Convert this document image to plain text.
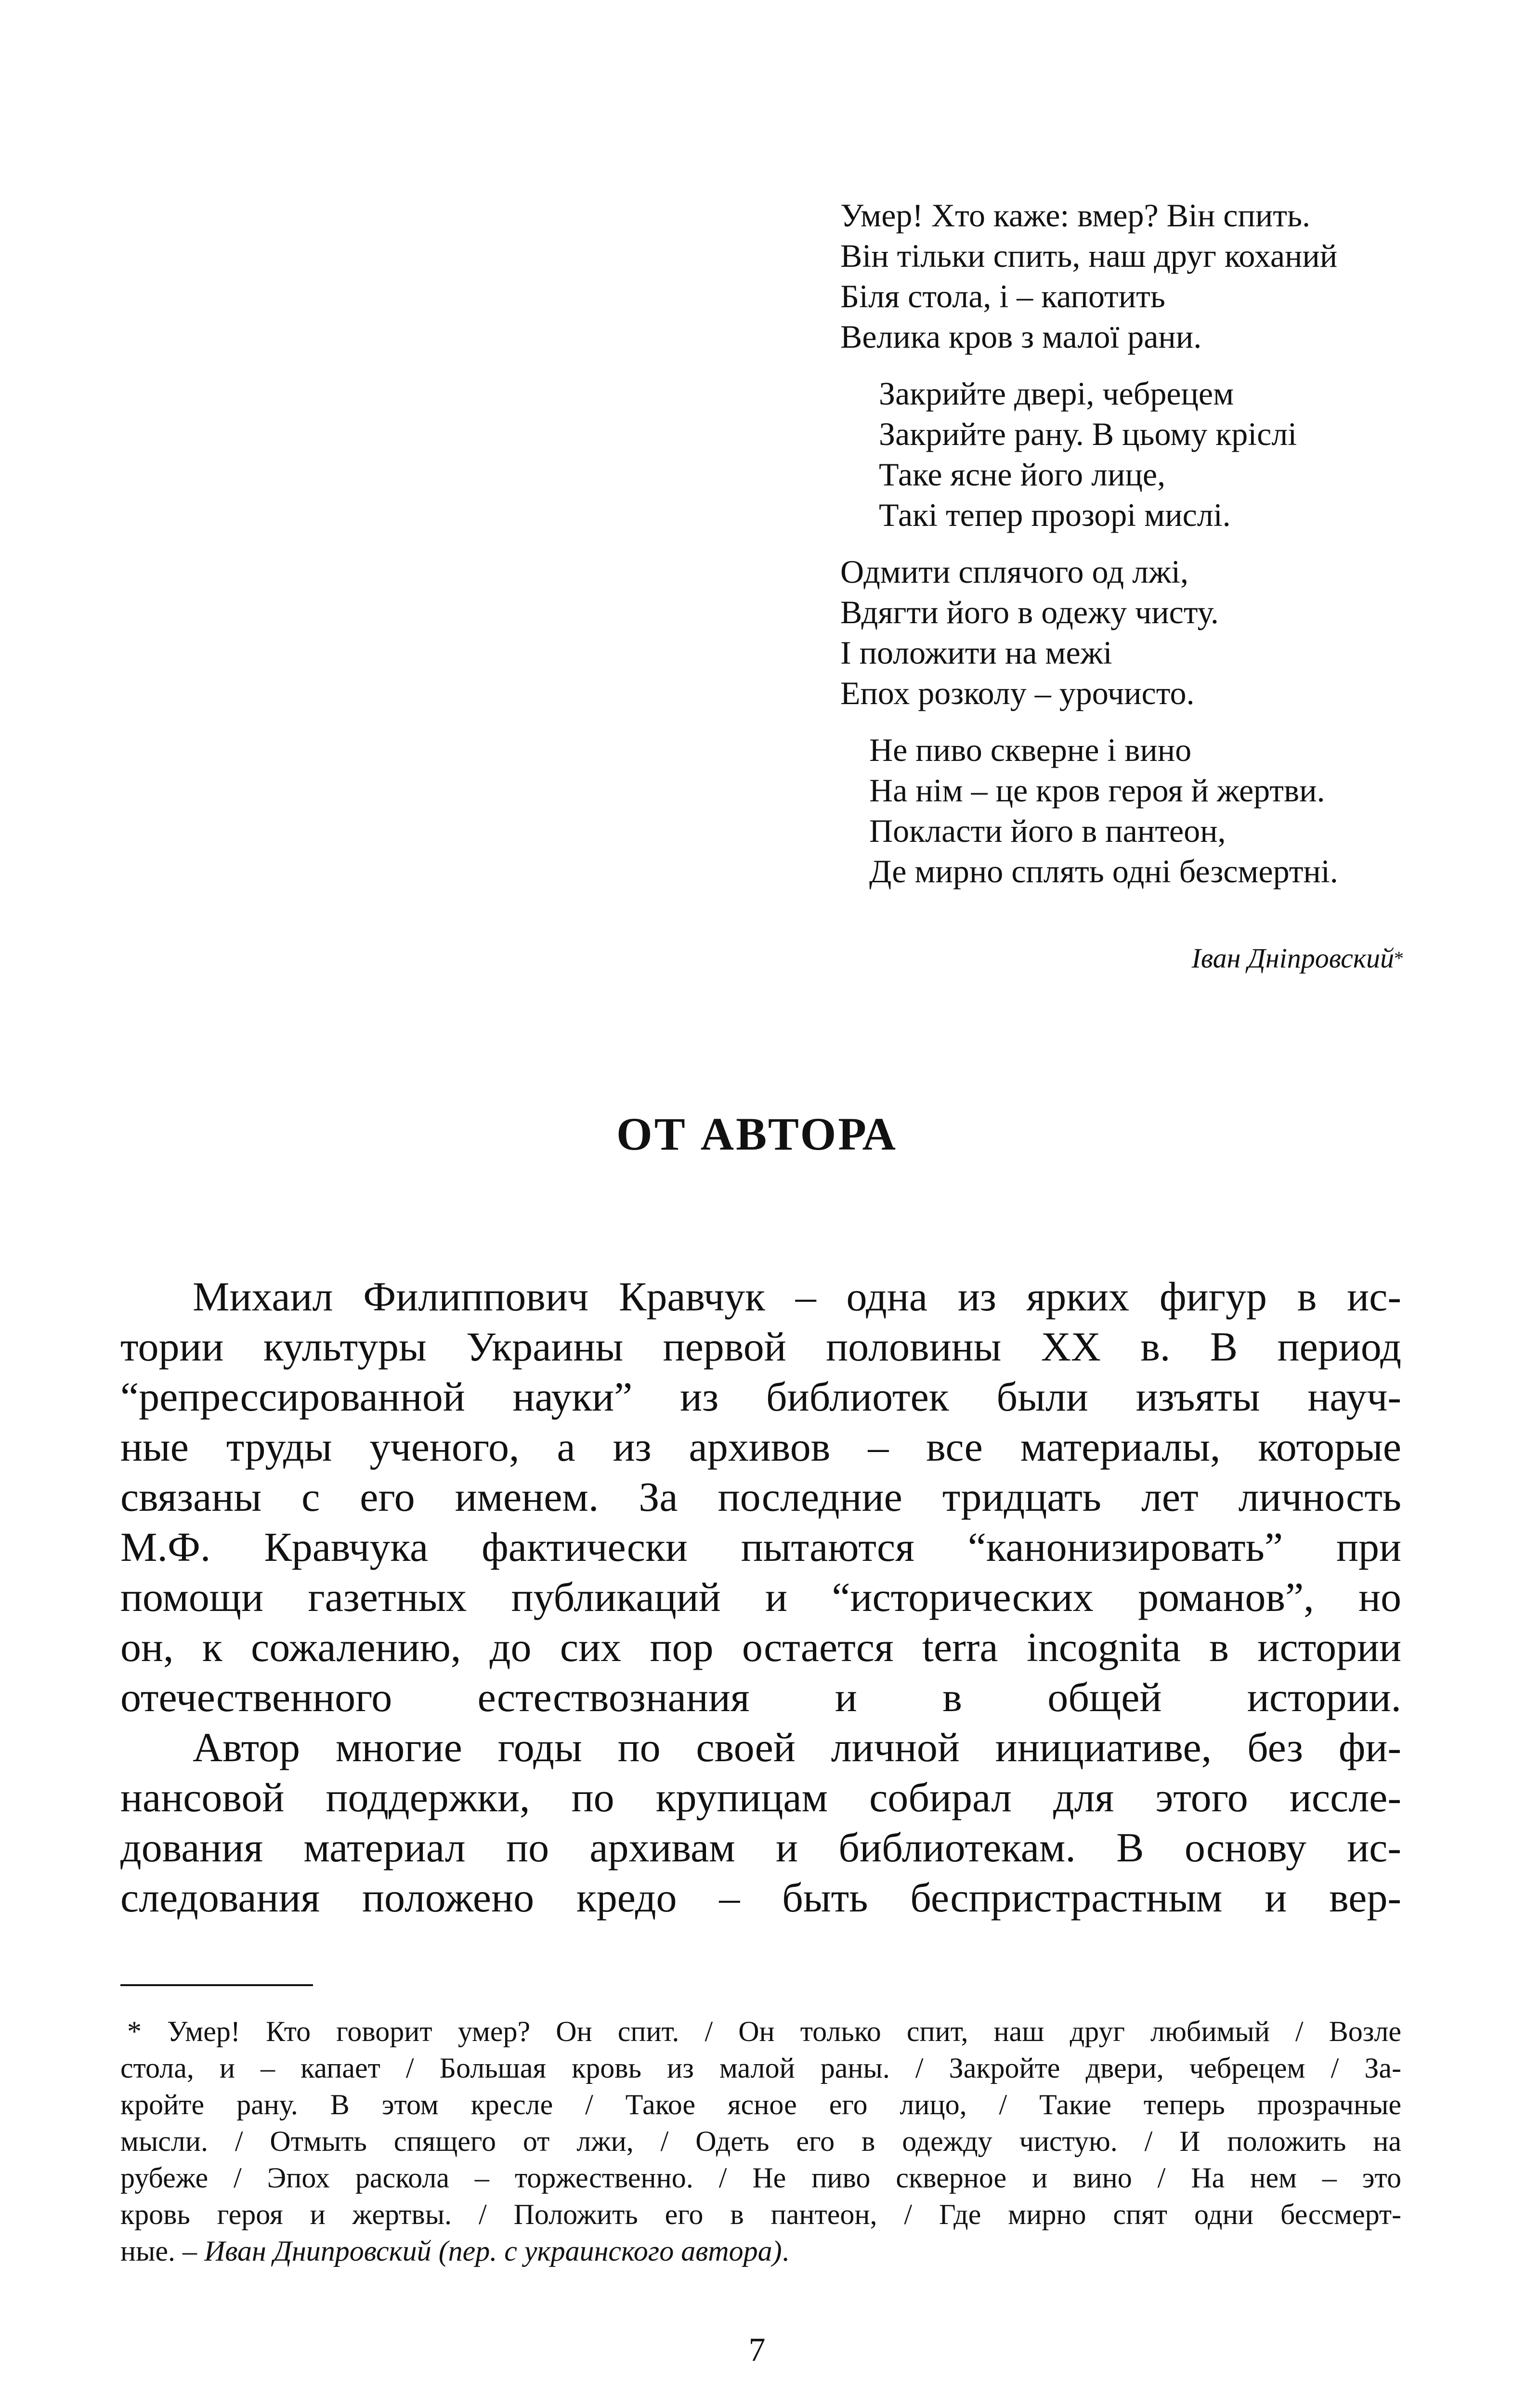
Умер! Хто каже: вмер? Він спить.
Він тільки спить, наш друг коханий
Біля стола, і – капотить
Велика кров з малої рани.
Закрийте двері, чебрецем
Закрийте рану. В цьому кріслі
Таке ясне його лице,
Такі тепер прозорі мислі.
Одмити сплячого од лжі,
Вдягти його в одежу чисту.
І положити на межі
Епох розколу – урочисто.
Не пиво скверне і вино
На нім – це кров героя й жертви.
Покласти його в пантеон,
Де мирно сплять одні безсмертні.
Іван Дніпровский*
ОТ АВТОРА
Михаил Филиппович Кравчук – одна из ярких фигур в ис-
тории культуры Украины первой половины XX в. В период
“репрессированной науки” из библиотек были изъяты науч-
ные труды ученого, а из архивов – все материалы, которые
связаны с его именем. За последние тридцать лет личность
М.Ф. Кравчука фактически пытаются “канонизировать” при
помощи газетных публикаций и “исторических романов”, но
он, к сожалению, до сих пор остается terra incognita в истории
отечественного естествознания и в общей истории.
Автор многие годы по своей личной инициативе, без фи-
нансовой поддержки, по крупицам собирал для этого иссле-
дования материал по архивам и библиотекам. В основу ис-
следования положено кредо – быть беспристрастным и вер-
* Умер! Кто говорит умер? Он спит. / Он только спит, наш друг любимый / Возле
стола, и – капает / Большая кровь из малой раны. / Закройте двери, чебрецем / За-
кройте рану. В этом кресле / Такое ясное его лицо, / Такие теперь прозрачные
мысли. / Отмыть спящего от лжи, / Одеть его в одежду чистую. / И положить на
рубеже / Эпох раскола – торжественно. / Не пиво скверное и вино / На нем – это
кровь героя и жертвы. / Положить его в пантеон, / Где мирно спят одни бессмерт-
ные. – Иван Днипровский (пер. с украинского автора).
7
